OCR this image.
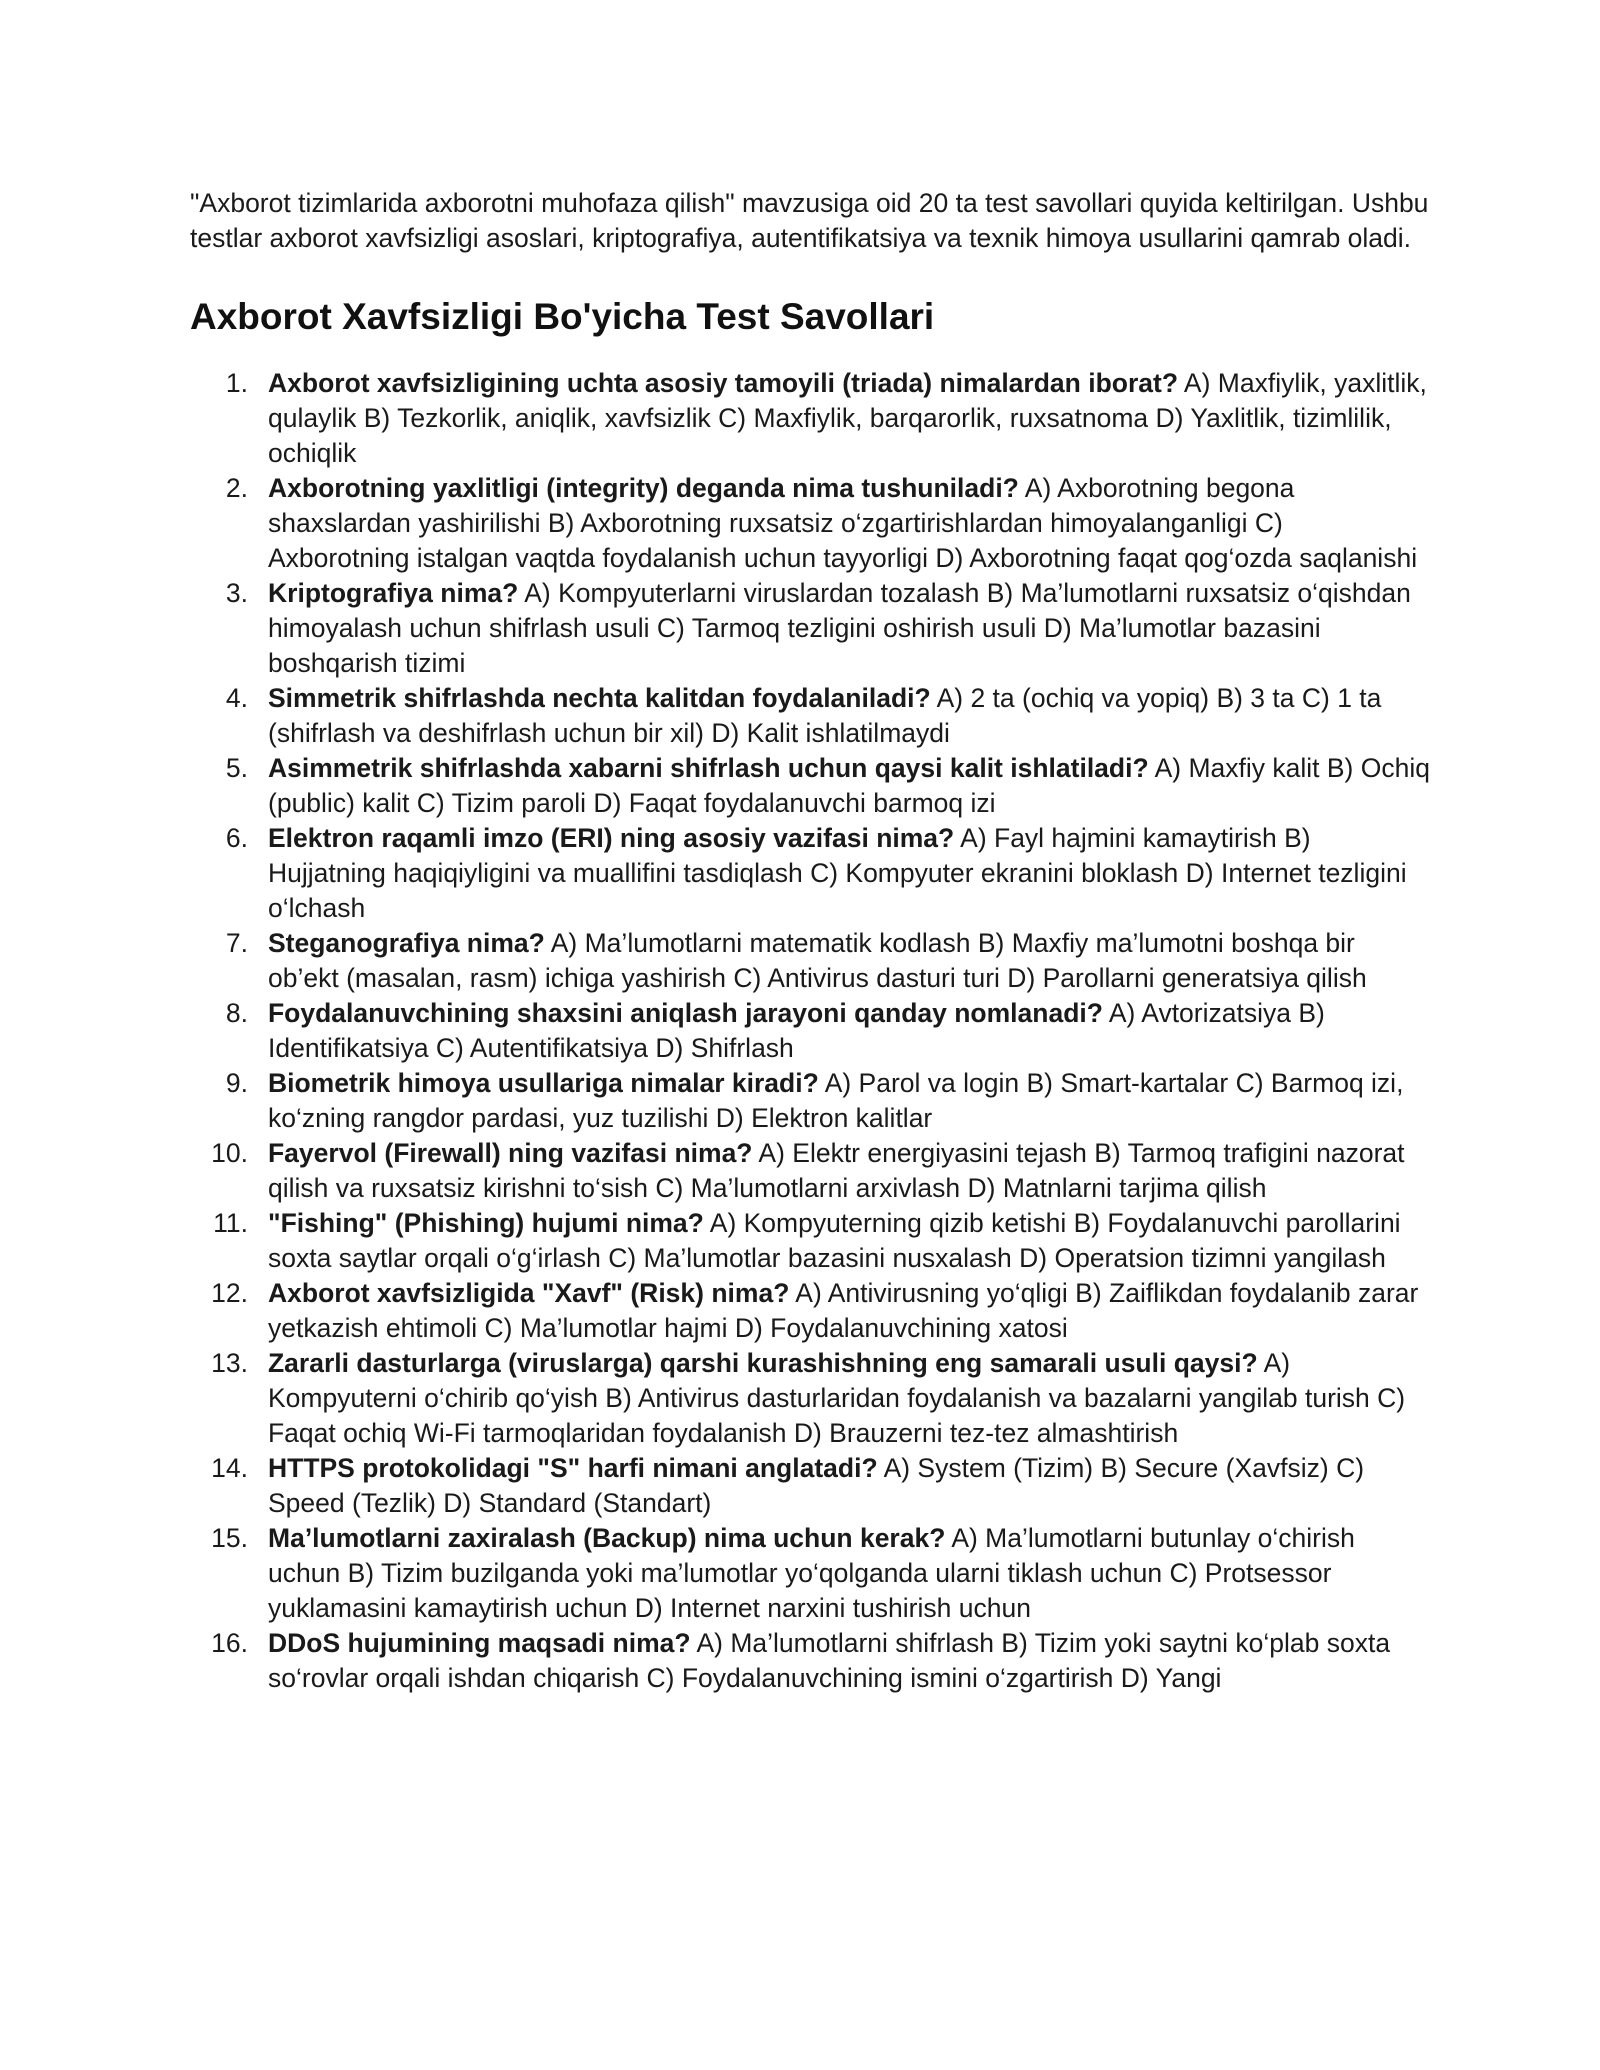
"Axborot tizimlarida axborotni muhofaza qilish" mavzusiga oid 20 ta test savollari quyida keltirilgan. Ushbu testlar axborot xavfsizligi asoslari, kriptografiya, autentifikatsiya va texnik himoya usullarini qamrab oladi.

Axborot Xavfsizligi Bo'yicha Test Savollari
1. Axborot xavfsizligining uchta asosiy tamoyili (triada) nimalardan iborat? A) Maxfiylik, yaxlitlik, qulaylik B) Tezkorlik, aniqlik, xavfsizlik C) Maxfiylik, barqarorlik, ruxsatnoma D) Yaxlitlik, tizimlilik, ochiqlik
2. Axborotning yaxlitligi (integrity) deganda nima tushuniladi? A) Axborotning begona shaxslardan yashirilishi B) Axborotning ruxsatsiz o‘zgartirishlardan himoyalanganligi C) Axborotning istalgan vaqtda foydalanish uchun tayyorligi D) Axborotning faqat qog‘ozda saqlanishi
3. Kriptografiya nima? A) Kompyuterlarni viruslardan tozalash B) Ma’lumotlarni ruxsatsiz o‘qishdan himoyalash uchun shifrlash usuli C) Tarmoq tezligini oshirish usuli D) Ma’lumotlar bazasini boshqarish tizimi
4. Simmetrik shifrlashda nechta kalitdan foydalaniladi? A) 2 ta (ochiq va yopiq) B) 3 ta C) 1 ta (shifrlash va deshifrlash uchun bir xil) D) Kalit ishlatilmaydi
5. Asimmetrik shifrlashda xabarni shifrlash uchun qaysi kalit ishlatiladi? A) Maxfiy kalit B) Ochiq (public) kalit C) Tizim paroli D) Faqat foydalanuvchi barmoq izi
6. Elektron raqamli imzo (ERI) ning asosiy vazifasi nima? A) Fayl hajmini kamaytirish B) Hujjatning haqiqiyligini va muallifini tasdiqlash C) Kompyuter ekranini bloklash D) Internet tezligini o‘lchash
7. Steganografiya nima? A) Ma’lumotlarni matematik kodlash B) Maxfiy ma’lumotni boshqa bir ob’ekt (masalan, rasm) ichiga yashirish C) Antivirus dasturi turi D) Parollarni generatsiya qilish
8. Foydalanuvchining shaxsini aniqlash jarayoni qanday nomlanadi? A) Avtorizatsiya B) Identifikatsiya C) Autentifikatsiya D) Shifrlash
9. Biometrik himoya usullariga nimalar kiradi? A) Parol va login B) Smart-kartalar C) Barmoq izi, ko‘zning rangdor pardasi, yuz tuzilishi D) Elektron kalitlar
10. Fayervol (Firewall) ning vazifasi nima? A) Elektr energiyasini tejash B) Tarmoq trafigini nazorat qilish va ruxsatsiz kirishni to‘sish C) Ma’lumotlarni arxivlash D) Matnlarni tarjima qilish
11. "Fishing" (Phishing) hujumi nima? A) Kompyuterning qizib ketishi B) Foydalanuvchi parollarini soxta saytlar orqali o‘g‘irlash C) Ma’lumotlar bazasini nusxalash D) Operatsion tizimni yangilash
12. Axborot xavfsizligida "Xavf" (Risk) nima? A) Antivirusning yo‘qligi B) Zaiflikdan foydalanib zarar yetkazish ehtimoli C) Ma’lumotlar hajmi D) Foydalanuvchining xatosi
13. Zararli dasturlarga (viruslarga) qarshi kurashishning eng samarali usuli qaysi? A) Kompyuterni o‘chirib qo‘yish B) Antivirus dasturlaridan foydalanish va bazalarni yangilab turish C) Faqat ochiq Wi-Fi tarmoqlaridan foydalanish D) Brauzerni tez-tez almashtirish
14. HTTPS protokolidagi "S" harfi nimani anglatadi? A) System (Tizim) B) Secure (Xavfsiz) C) Speed (Tezlik) D) Standard (Standart)
15. Ma’lumotlarni zaxiralash (Backup) nima uchun kerak? A) Ma’lumotlarni butunlay o‘chirish uchun B) Tizim buzilganda yoki ma’lumotlar yo‘qolganda ularni tiklash uchun C) Protsessor yuklamasini kamaytirish uchun D) Internet narxini tushirish uchun
16. DDoS hujumining maqsadi nima? A) Ma’lumotlarni shifrlash B) Tizim yoki saytni ko‘plab soxta so‘rovlar orqali ishdan chiqarish C) Foydalanuvchining ismini o‘zgartirish D) Yangi
